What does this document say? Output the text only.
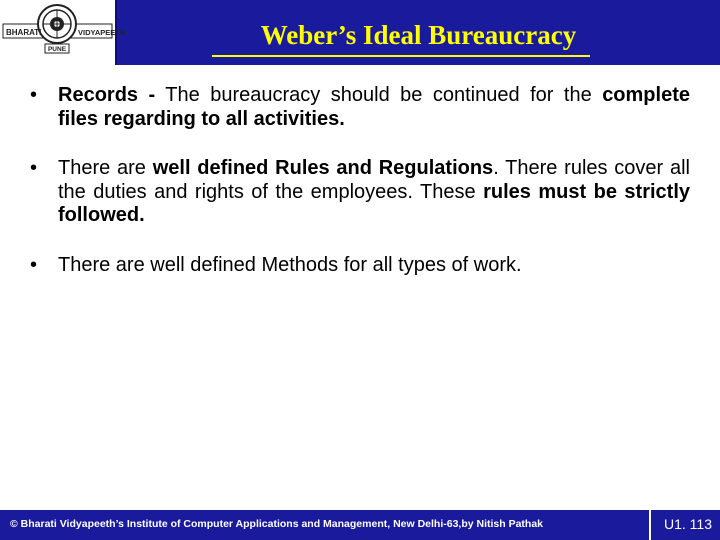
BHARATI	VIDYAPEETH
PUNE	Weber’s Ideal Bureaucracy
• Records - The bureaucracy should be continued for the complete files regarding to all activities.
• There are well defined Rules and Regulations. There rules cover all the duties and rights of the employees. These rules must be strictly followed.
• There are well defined Methods for all types of work.
© Bharati Vidyapeeth’s Institute of Computer Applications and Management, New Delhi-63,by Nitish Pathak	U1. 113
